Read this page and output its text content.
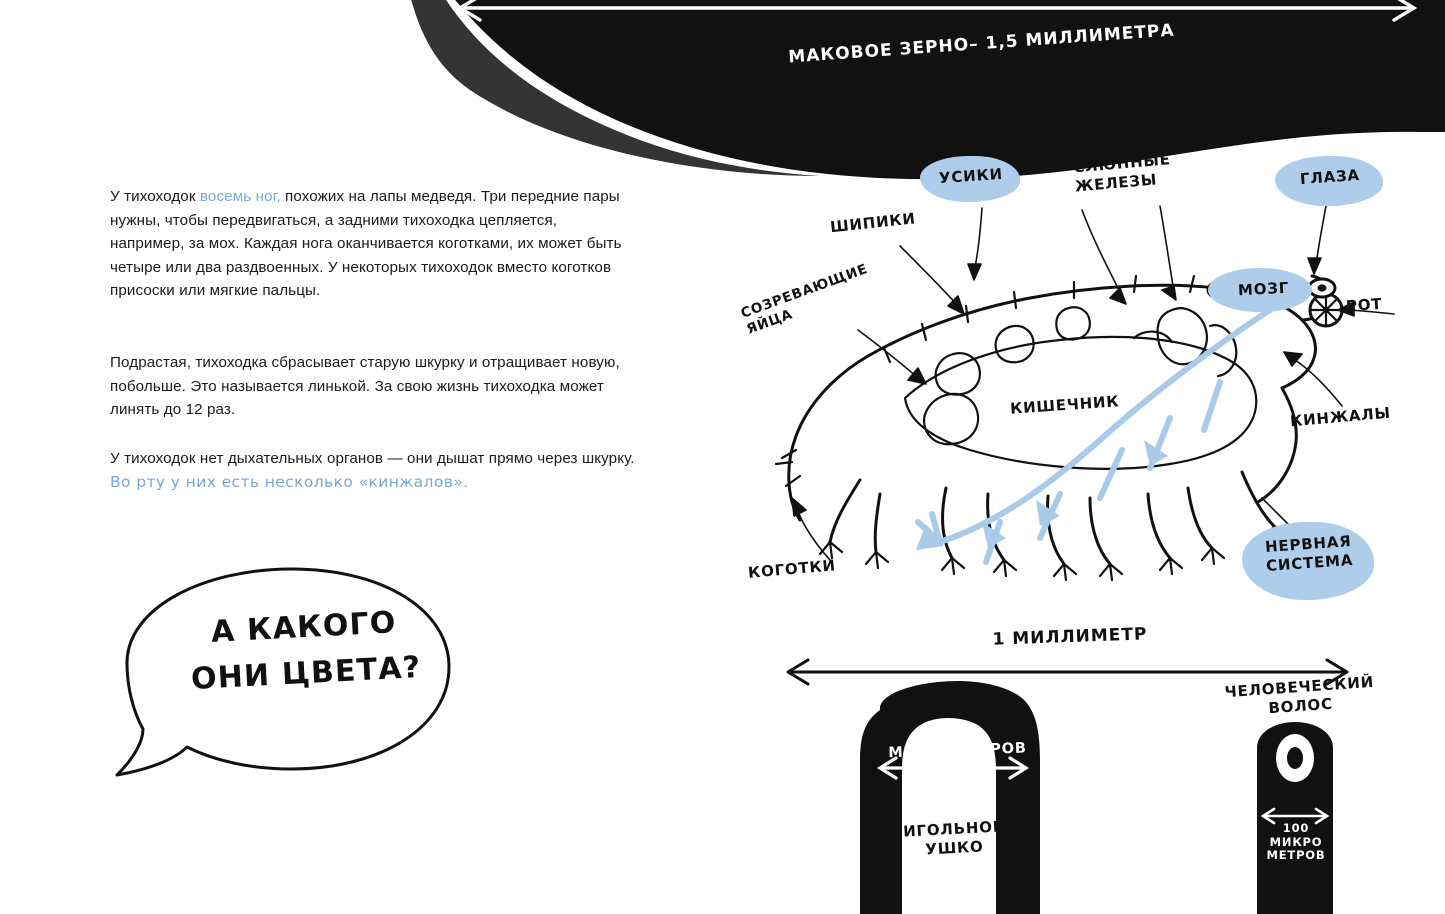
МАКОВОЕ ЗЕРНО– 1,5 МИЛЛИМЕТРА

У тихоходок восемь ног, похожих на лапы медведя. Три передние пары нужны, чтобы передвигаться, а задними тихоходка цепляется, например, за мох. Каждая нога оканчивается коготками, их может быть четыре или два раздвоенных. У некоторых тихоходок вместо коготков присоски или мягкие пальцы.

Подрастая, тихоходка сбрасывает старую шкурку и отращивает новую, побольше. Это называется линькой. За свою жизнь тихоходка может линять до 12 раз.

У тихоходок нет дыхательных органов — они дышат прямо через шкурку. Во рту у них есть несколько «кинжалов».

А КАКОГО
ОНИ ЦВЕТА?
УСИКИ	СЛЮННЫЕ
ЖЕЛЕЗЫ	ГЛАЗА
ШИПИКИ
МОЗГ
РОТ
СОЗРЕВАЮЩИЕ
ЯЙЦА
КИШЕЧНИК	КИНЖАЛЫ
КОГОТКИ
НЕРВНАЯ
СИСТЕМА
1 МИЛЛИМЕТР
500 МИКРОМЕТРОВ
ИГОЛЬНОЕ
УШКО
ЧЕЛОВЕЧЕСКИЙ
ВОЛОС
100
МИКРО
МЕТРОВ
